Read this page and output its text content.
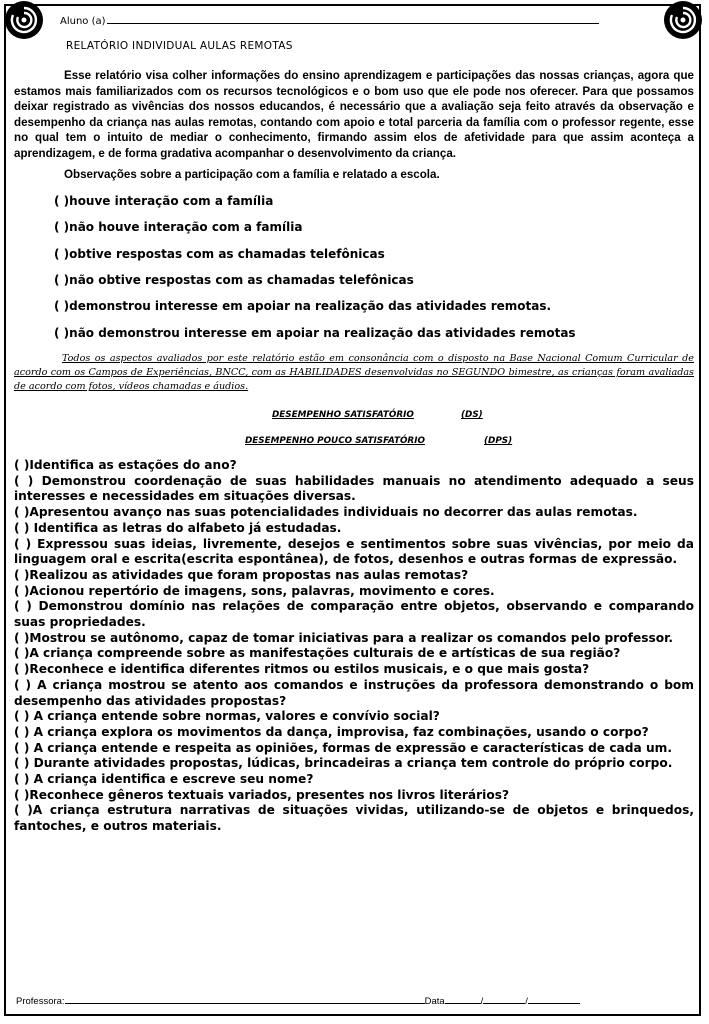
Aluno (a)
RELATÓRIO INDIVIDUAL AULAS REMOTAS
Esse relatório visa colher informações do ensino aprendizagem e participações das nossas crianças, agora que estamos mais familiarizados com os recursos tecnológicos e o bom uso que ele pode nos oferecer. Para que possamos deixar registrado as vivências dos nossos educandos, é necessário que a avaliação seja feito através da observação e desempenho da criança nas aulas remotas, contando com apoio e total parceria da família com o professor regente, esse no qual tem o intuito de mediar o conhecimento, firmando assim elos de afetividade para que assim aconteça a aprendizagem, e de forma gradativa acompanhar o desenvolvimento da criança.
Observações sobre a participação com a família e relatado a escola.
( )houve interação com a família
( )não houve interação com a família
( )obtive respostas com as chamadas telefônicas
( )não obtive respostas com as chamadas telefônicas
( )demonstrou interesse em apoiar na realização das atividades remotas.
( )não demonstrou interesse em apoiar na realização das atividades remotas
Todos os aspectos avaliados por este relatório estão em consonância com o disposto na Base Nacional Comum Curricular de acordo com os Campos de Experiências, BNCC, com as HABILIDADES desenvolvidas no SEGUNDO bimestre, as crianças foram avaliadas de acordo com fotos, vídeos chamadas e áudios.
DESEMPENHO SATISFATÓRIO	(DS)
DESEMPENHO POUCO SATISFATÓRIO	(DPS)
( )Identifica as estações do ano?
( ) Demonstrou coordenação de suas habilidades manuais no atendimento adequado a seus interesses e necessidades em situações diversas.
( )Apresentou avanço nas suas potencialidades individuais no decorrer das aulas remotas.
( ) Identifica as letras do alfabeto já estudadas.
( ) Expressou suas ideias, livremente, desejos e sentimentos sobre suas vivências, por meio da linguagem oral e escrita(escrita espontânea), de fotos, desenhos e outras formas de expressão.
( )Realizou as atividades que foram propostas nas aulas remotas?
( )Acionou repertório de imagens, sons, palavras, movimento e cores.
( ) Demonstrou domínio nas relações de comparação entre objetos, observando e comparando suas propriedades.
( )Mostrou se autônomo, capaz de tomar iniciativas para a realizar os comandos pelo professor.
( )A criança compreende sobre as manifestações culturais de e artísticas de sua região?
( )Reconhece e identifica diferentes ritmos ou estilos musicais, e o que mais gosta?
( ) A criança mostrou se atento aos comandos e instruções da professora demonstrando o bom desempenho das atividades propostas?
( ) A criança entende sobre normas, valores e convívio social?
( ) A criança explora os movimentos da dança, improvisa, faz combinações, usando o corpo?
( ) A criança entende e respeita as opiniões, formas de expressão e características de cada um.
( ) Durante atividades propostas, lúdicas, brincadeiras a criança tem controle do próprio corpo.
( ) A criança identifica e escreve seu nome?
( )Reconhece gêneros textuais variados, presentes nos livros literários?
( )A criança estrutura narrativas de situações vividas, utilizando-se de objetos e brinquedos, fantoches, e outros materiais.
Professora:	Data	/	/
